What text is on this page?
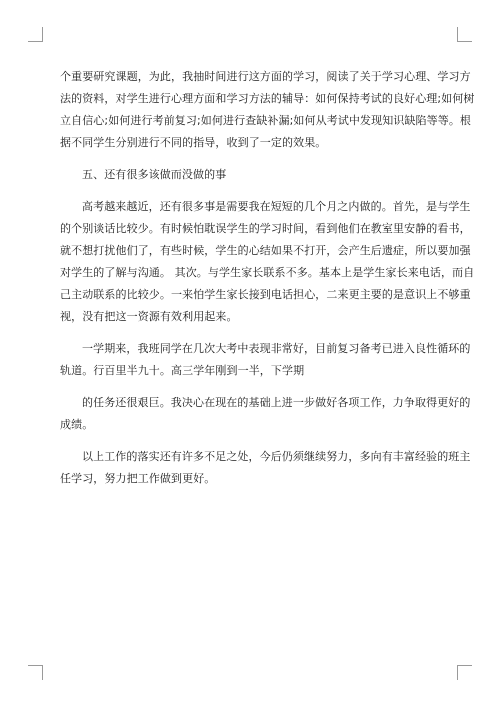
个重要研究课题，为此，我抽时间进行这方面的学习，阅读了关于学习心理、学习方
法的资料，对学生进行心理方面和学习方法的辅导：如何保持考试的良好心理;如何树
立自信心;如何进行考前复习;如何进行查缺补漏;如何从考试中发现知识缺陷等等。根
据不同学生分别进行不同的指导，收到了一定的效果。

五、还有很多该做而没做的事

高考越来越近，还有很多事是需要我在短短的几个月之内做的。首先，是与学生
的个别谈话比较少。有时候怕耽误学生的学习时间，看到他们在教室里安静的看书，
就不想打扰他们了，有些时候，学生的心结如果不打开，会产生后遗症，所以要加强
对学生的了解与沟通。 其次。与学生家长联系不多。基本上是学生家长来电话，而自
己主动联系的比较少。一来怕学生家长接到电话担心，二来更主要的是意识上不够重
视，没有把这一资源有效利用起来。

一学期来，我班同学在几次大考中表现非常好，目前复习备考已进入良性循环的
轨道。行百里半九十。高三学年刚到一半，下学期

的任务还很艰巨。我决心在现在的基础上进一步做好各项工作，力争取得更好的
成绩。

以上工作的落实还有许多不足之处，今后仍须继续努力，多向有丰富经验的班主
任学习，努力把工作做到更好。
